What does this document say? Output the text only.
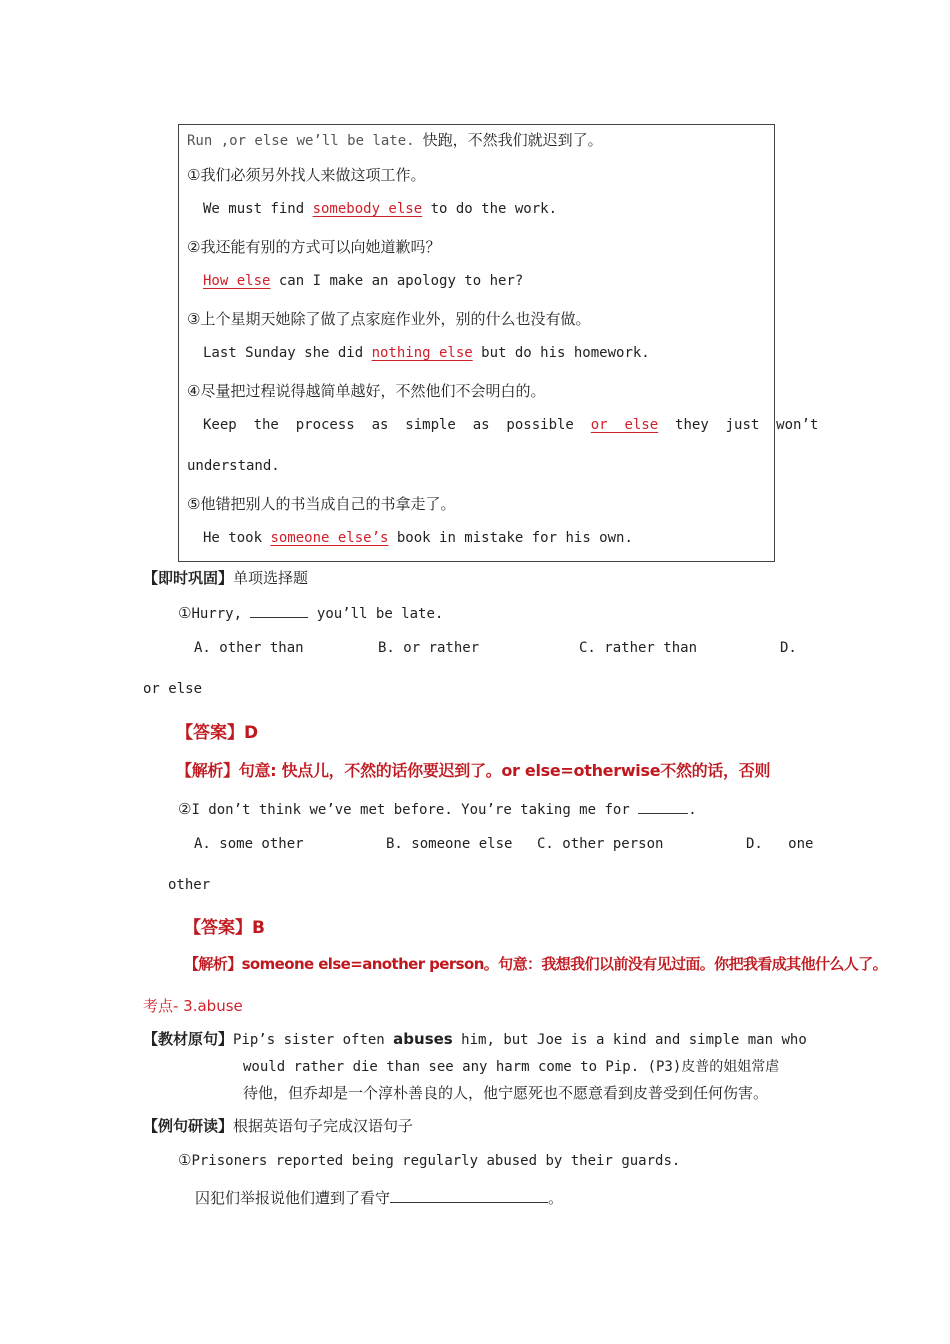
Run ,or else we’ll be late. 快跑，不然我们就迟到了。
①我们必须另外找人来做这项工作。
We must find somebody else to do the work.
②我还能有别的方式可以向她道歉吗？
How else can I make an apology to her?
③上个星期天她除了做了点家庭作业外，别的什么也没有做。
Last Sunday she did nothing else but do his homework.
④尽量把过程说得越简单越好，不然他们不会明白的。
Keep  the  process  as  simple  as  possible  or  else  they  just  won’t
understand.
⑤他错把别人的书当成自己的书拿走了。
He took someone else’s book in mistake for his own.
【即时巩固】单项选择题
①Hurry,	you’ll be late.
A. other than	B. or rather	C. rather than	D.
or else
【答案】D
【解析】句意: 快点儿，不然的话你要迟到了。or else=otherwise不然的话，否则
②I don’t think we’ve met before. You’re taking me for	.
A. some other	B. someone else C. other person	D.   one
other
【答案】B
【解析】someone else=another person。句意：我想我们以前没有见过面。你把我看成其他什么人了。
考点- 3.abuse
【教材原句】Pip’s sister often abuses him, but Joe is a kind and simple man who
would rather die than see any harm come to Pip. (P3)皮普的姐姐常虐
待他，但乔却是一个淳朴善良的人，他宁愿死也不愿意看到皮普受到任何伤害。
【例句研读】根据英语句子完成汉语句子
①Prisoners reported being regularly abused by their guards.
囚犯们举报说他们遭到了看守	。
